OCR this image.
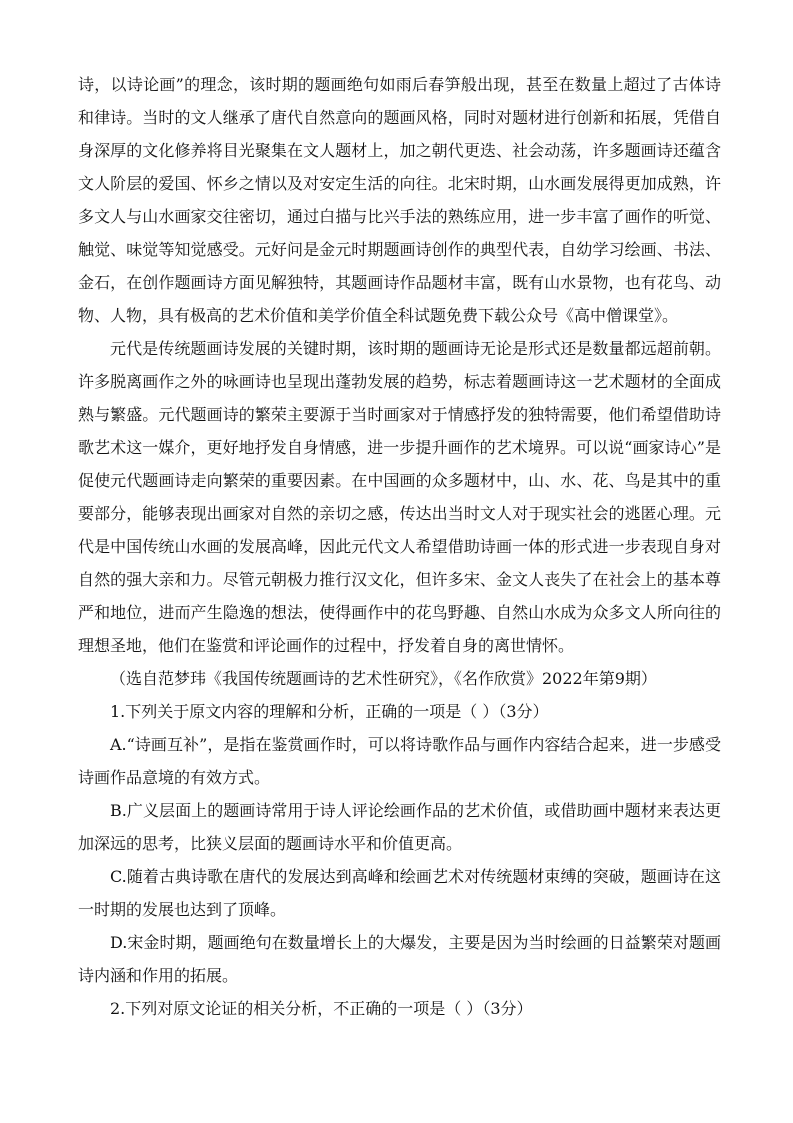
诗，以诗论画”的理念，该时期的题画绝句如雨后春笋般出现，甚至在数量上超过了古体诗和律诗。当时的文人继承了唐代自然意向的题画风格，同时对题材进行创新和拓展，凭借自身深厚的文化修养将目光聚集在文人题材上，加之朝代更迭、社会动荡，许多题画诗还蕴含文人阶层的爱国、怀乡之情以及对安定生活的向往。北宋时期，山水画发展得更加成熟，许多文人与山水画家交往密切，通过白描与比兴手法的熟练应用，进一步丰富了画作的听觉、触觉、味觉等知觉感受。元好问是金元时期题画诗创作的典型代表，自幼学习绘画、书法、金石，在创作题画诗方面见解独特，其题画诗作品题材丰富，既有山水景物，也有花鸟、动物、人物，具有极高的艺术价值和美学价值全科试题免费下载公众号《高中僧课堂》。

元代是传统题画诗发展的关键时期，该时期的题画诗无论是形式还是数量都远超前朝。许多脱离画作之外的咏画诗也呈现出蓬勃发展的趋势，标志着题画诗这一艺术题材的全面成熟与繁盛。元代题画诗的繁荣主要源于当时画家对于情感抒发的独特需要，他们希望借助诗歌艺术这一媒介，更好地抒发自身情感，进一步提升画作的艺术境界。可以说“画家诗心”是促使元代题画诗走向繁荣的重要因素。在中国画的众多题材中，山、水、花、鸟是其中的重要部分，能够表现出画家对自然的亲切之感，传达出当时文人对于现实社会的逃匿心理。元代是中国传统山水画的发展高峰，因此元代文人希望借助诗画一体的形式进一步表现自身对自然的强大亲和力。尽管元朝极力推行汉文化，但许多宋、金文人丧失了在社会上的基本尊严和地位，进而产生隐逸的想法，使得画作中的花鸟野趣、自然山水成为众多文人所向往的理想圣地，他们在鉴赏和评论画作的过程中，抒发着自身的离世情怀。

（选自范梦玮《我国传统题画诗的艺术性研究》，《名作欣赏》2022年第9期）

1.下列关于原文内容的理解和分析，正确的一项是（ ）（3分）

A.“诗画互补”，是指在鉴赏画作时，可以将诗歌作品与画作内容结合起来，进一步感受诗画作品意境的有效方式。

B.广义层面上的题画诗常用于诗人评论绘画作品的艺术价值，或借助画中题材来表达更加深远的思考，比狭义层面的题画诗水平和价值更高。

C.随着古典诗歌在唐代的发展达到高峰和绘画艺术对传统题材束缚的突破，题画诗在这一时期的发展也达到了顶峰。

D.宋金时期，题画绝句在数量增长上的大爆发，主要是因为当时绘画的日益繁荣对题画诗内涵和作用的拓展。

2.下列对原文论证的相关分析，不正确的一项是（ ）（3分）
